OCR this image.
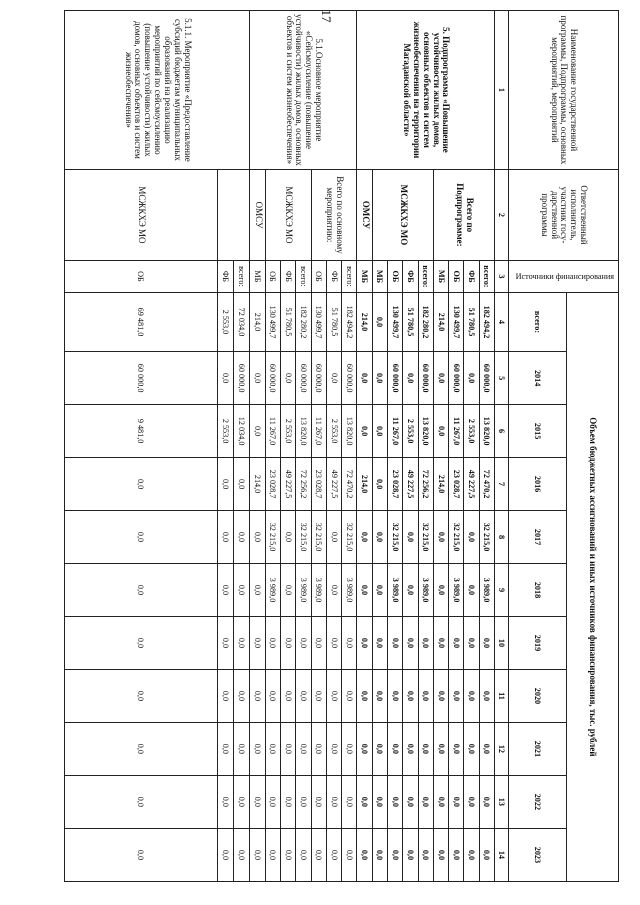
17
Наименование государственной программы, Подпрограммы, основных мероприятий, мероприятий	Ответственный исполнитель, участник госу-дарственной программы	Источники финансирования	Объем бюджетных ассигнований и иных источников финансирования, тыс. рублей										
			всего:	2014	2015	2016	2017	2018	2019	2020	2021	2022	2023

1	2	3	4	5	6	7	8	9	10	11	12	13	14
5. Подпрограмма «Повышение устойчивости жилых домов, основных объектов и систем жизнеобеспечения на территории Магаданской области»	Всего по Подпрограмме:	всего:	182 494,2	60 000,0	13 820,0	72 470,2	32 215,0	3 989,0	0,0	0,0	0,0	0,0	0,0
		ФБ	51 780,5	0,0	2 553,0	49 227,5	0,0	0,0	0,0	0,0	0,0	0,0	0,0
		ОБ	130 499,7	60 000,0	11 267,0	23 028,7	32 215,0	3 989,0	0,0	0,0	0,0	0,0	0,0
		МБ	214,0	0,0	0,0	214,0	0,0	0,0	0,0	0,0	0,0	0,0	0,0
	МСЖКХЭ МО	всего:	182 280,2	60 000,0	13 820,0	72 256,2	32 215,0	3 989,0	0,0	0,0	0,0	0,0	0,0
		ФБ	51 780,5	0,0	2 553,0	49 227,5	0,0	0,0	0,0	0,0	0,0	0,0	0,0
		ОБ	130 499,7	60 000,0	11 267,0	23 028,7	32 215,0	3 989,0	0,0	0,0	0,0	0,0	0,0
		МБ	0,0	0,0	0,0	0,0	0,0	0,0	0,0	0,0	0,0	0,0	0,0
	ОМСУ	МБ	214,0	0,0	0,0	214,0	0,0	0,0	0,0	0,0	0,0	0,0	0,0
5.1.Основное мероприятие «Сейсмоусиление (повышение устойчивости) жилых домов, основных объектов и систем жизнеобеспечения»	Всего по основному мероприятию:	всего:	182 494,2	60 000,0	13 820,0	72 470,2	32 215,0	3 989,0	0,0	0,0	0,0	0,0	0,0
		ФБ	51 780,5	0,0	2 553,0	49 227,5	0,0	0,0	0,0	0,0	0,0	0,0	0,0
		ОБ	130 499,7	60 000,0	11 267,0	23 028,7	32 215,0	3 989,0	0,0	0,0	0,0	0,0	0,0
	МСЖКХЭ МО	всего:	182 280,2	60 000,0	13 820,0	72 256,2	32 215,0	3 989,0	0,0	0,0	0,0	0,0	0,0
		ФБ	51 780,5	0,0	2 553,0	49 227,5	0,0	0,0	0,0	0,0	0,0	0,0	0,0
		ОБ	130 499,7	60 000,0	11 267,0	23 028,7	32 215,0	3 989,0	0,0	0,0	0,0	0,0	0,0
	ОМСУ	МБ	214,0	0,0	0,0	214,0	0,0	0,0	0,0	0,0	0,0	0,0	0,0
5.1.1. Мероприятие «Предоставление субсидий бюджетам муниципальных образований на реализацию мероприятий по сейсмоусилению (повышение устойчивости) жилых домов, основных объектов и систем жизнеобеспечения»		всего:	72 034,0	60 000,0	12 034,0	0,0	0,0	0,0	0,0	0,0	0,0	0,0	0,0
		ФБ	2 553,0	0,0	2 553,0	0,0	0,0	0,0	0,0	0,0	0,0	0,0	0,0
	МСЖКХЭ МО	ОБ	69 481,0	60 000,0	9 481,0	0,0	0,0	0,0	0,0	0,0	0,0	0,0	0,0
